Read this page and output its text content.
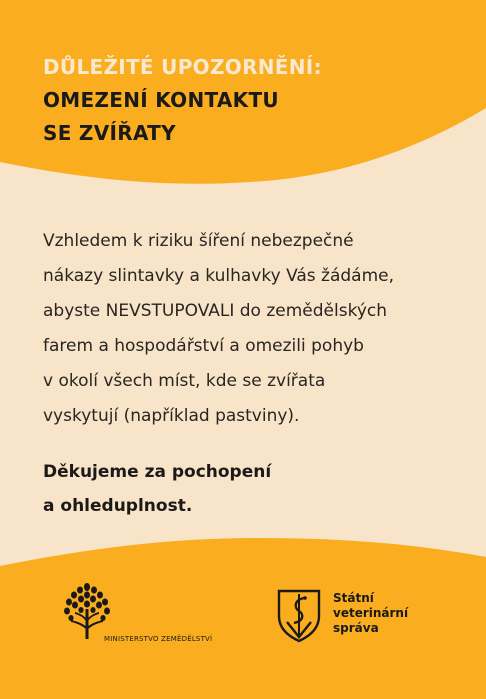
DŮLEŽITÉ UPOZORNĚNÍ:
OMEZENÍ KONTAKTU
SE ZVÍŘATY
Vzhledem k riziku šíření nebezpečné
nákazy slintavky a kulhavky Vás žádáme,
abyste NEVSTUPOVALI do zemědělských
farem a hospodářství a omezili pohyb
v okolí všech míst, kde se zvířata
vyskytují (například pastviny).
Děkujeme za pochopení
a ohleduplnost.
MINISTERSTVO ZEMĚDĚLSTVÍ
Státní
veterinární
správa
